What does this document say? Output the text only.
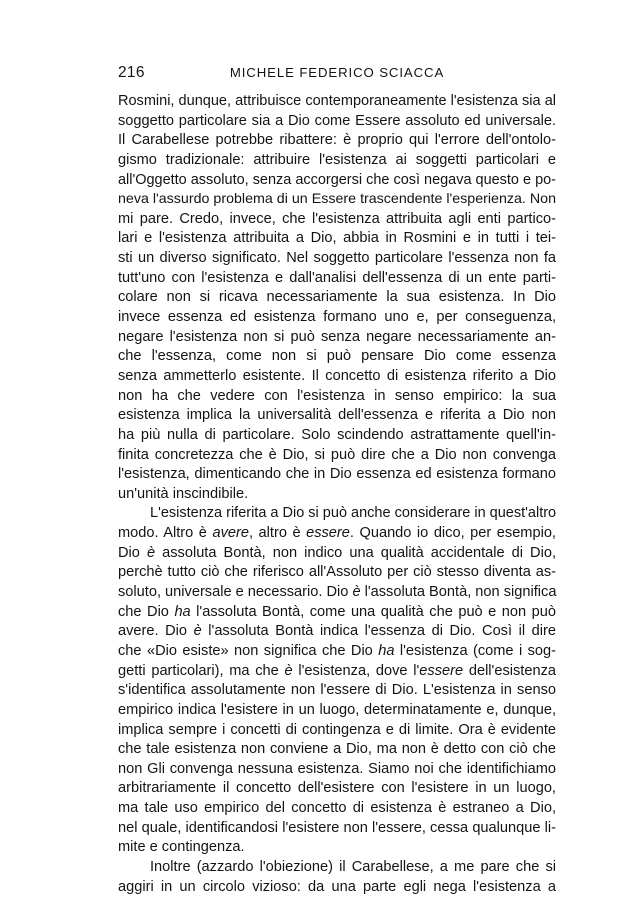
216	MICHELE FEDERICO SCIACCA
Rosmini, dunque, attribuisce contemporaneamente l'esistenza sia al
soggetto particolare sia a Dio come Essere assoluto ed universale.
Il Carabellese potrebbe ribattere: è proprio qui l'errore dell'ontolo-
gismo tradizionale: attribuire l'esistenza ai soggetti particolari e
all'Oggetto assoluto, senza accorgersi che così negava questo e po-
neva l'assurdo problema di un Essere trascendente l'esperienza. Non
mi pare. Credo, invece, che l'esistenza attribuita agli enti partico-
lari e l'esistenza attribuita a Dio, abbia in Rosmini e in tutti i tei-
sti un diverso significato. Nel soggetto particolare l'essenza non fa
tutt'uno con l'esistenza e dall'analisi dell'essenza di un ente parti-
colare non si ricava necessariamente la sua esistenza. In Dio
invece essenza ed esistenza formano uno e, per conseguenza,
negare l'esistenza non si può senza negare necessariamente an-
che l'essenza, come non si può pensare Dio come essenza
senza ammetterlo esistente. Il concetto di esistenza riferito a Dio
non ha che vedere con l'esistenza in senso empirico: la sua
esistenza implica la universalità dell'essenza e riferita a Dio non
ha più nulla di particolare. Solo scindendo astrattamente quell'in-
finita concretezza che è Dio, si può dire che a Dio non convenga
l'esistenza, dimenticando che in Dio essenza ed esistenza formano
un'unità inscindibile.
L'esistenza riferita a Dio si può anche considerare in quest'altro
modo. Altro è avere, altro è essere. Quando io dico, per esempio,
Dio è assoluta Bontà, non indico una qualità accidentale di Dio,
perchè tutto ciò che riferisco all'Assoluto per ciò stesso diventa as-
soluto, universale e necessario. Dio è l'assoluta Bontà, non significa
che Dio ha l'assoluta Bontà, come una qualità che può e non può
avere. Dio è l'assoluta Bontà indica l'essenza di Dio. Così il dire
che «Dio esiste» non significa che Dio ha l'esistenza (come i sog-
getti particolari), ma che è l'esistenza, dove l'essere dell'esistenza
s'identifica assolutamente non l'essere di Dio. L'esistenza in senso
empirico indica l'esistere in un luogo, determinatamente e, dunque,
implica sempre i concetti di contingenza e di limite. Ora è evidente
che tale esistenza non conviene a Dio, ma non è detto con ciò che
non Gli convenga nessuna esistenza. Siamo noi che identifichiamo
arbitrariamente il concetto dell'esistere con l'esistere in un luogo,
ma tale uso empirico del concetto di esistenza è estraneo a Dio,
nel quale, identificandosi l'esistere non l'essere, cessa qualunque li-
mite e contingenza.
Inoltre (azzardo l'obiezione) il Carabellese, a me pare che si
aggiri in un circolo vizioso: da una parte egli nega l'esistenza a
